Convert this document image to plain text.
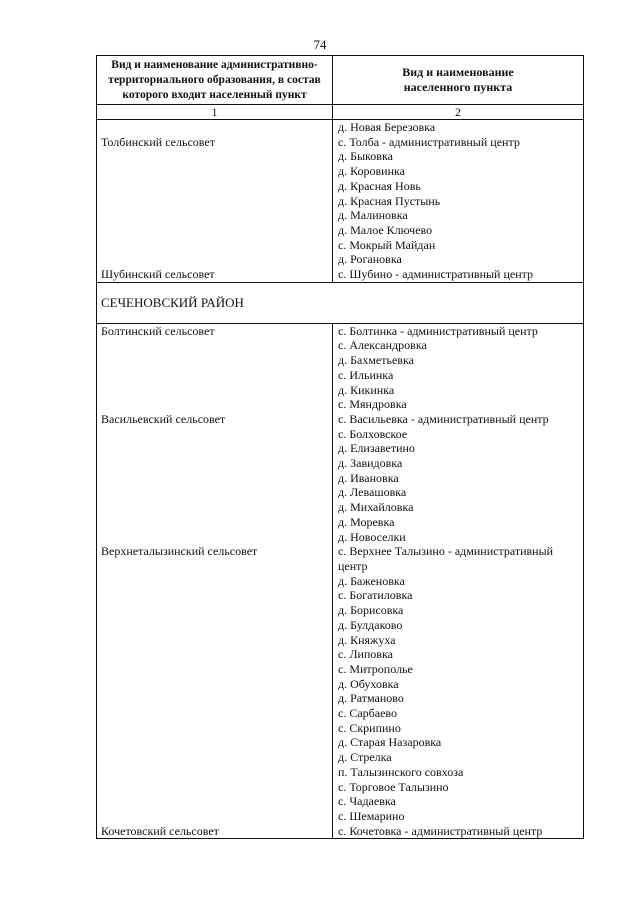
74
Вид и наименование административно-территориального образования, в состав которого входит населенный пункт
Вид и наименование населенного пункта
1	2
Толбинский сельсовет
Шубинский сельсовет
д. Новая Березовка
с. Толба - административный центр
д. Быковка
д. Коровинка
д. Красная Новь
д. Красная Пустынь
д. Малиновка
д. Малое Ключево
с. Мокрый Майдан
д. Рогановка
с. Шубино - административный центр
СЕЧЕНОВСКИЙ РАЙОН
Болтинский сельсовет
Васильевский сельсовет
Верхнеталызинский сельсовет
Кочетовский сельсовет
с. Болтинка - административный центр
с. Александровка
д. Бахметьевка
с. Ильинка
д. Кикинка
с. Мяндровка
с. Васильевка - административный центр
с. Болховское
д. Елизаветино
д. Завидовка
д. Ивановка
д. Левашовка
д. Михайловка
д. Моревка
д. Новоселки
с. Верхнее Талызино - административный центр
д. Баженовка
с. Богатиловка
д. Борисовка
д. Булдаково
д. Княжуха
с. Липовка
с. Митрополье
д. Обуховка
д. Ратманово
с. Сарбаево
с. Скрипино
д. Старая Назаровка
д. Стрелка
п. Талызинского совхоза
с. Торговое Талызино
с. Чадаевка
с. Шемарино
с. Кочетовка - административный центр
